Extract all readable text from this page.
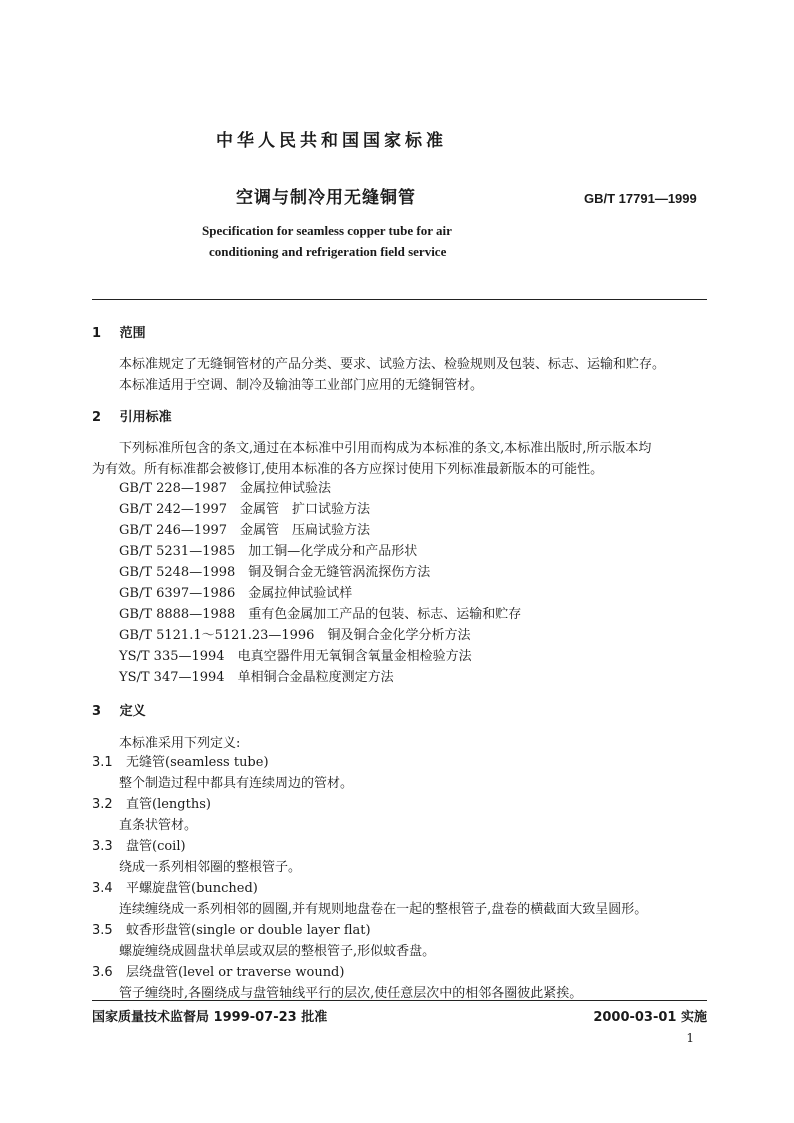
中华人民共和国国家标准
空调与制冷用无缝铜管	GB/T 17791—1999
Specification for seamless copper tube for air
conditioning and refrigeration field service
1 范围
本标准规定了无缝铜管材的产品分类、要求、试验方法、检验规则及包装、标志、运输和贮存。
本标准适用于空调、制冷及输油等工业部门应用的无缝铜管材。
2 引用标准
下列标准所包含的条文,通过在本标准中引用而构成为本标准的条文,本标准出版时,所示版本均
为有效。所有标准都会被修订,使用本标准的各方应探讨使用下列标准最新版本的可能性。
GB/T 228—1987　金属拉伸试验法
GB/T 242—1997　金属管　扩口试验方法
GB/T 246—1997　金属管　压扁试验方法
GB/T 5231—1985　加工铜—化学成分和产品形状
GB/T 5248—1998　铜及铜合金无缝管涡流探伤方法
GB/T 6397—1986　金属拉伸试验试样
GB/T 8888—1988　重有色金属加工产品的包装、标志、运输和贮存
GB/T 5121.1～5121.23—1996　铜及铜合金化学分析方法
YS/T 335—1994　电真空器件用无氧铜含氧量金相检验方法
YS/T 347—1994　单相铜合金晶粒度测定方法
3 定义
本标准采用下列定义:
3.1 无缝管(seamless tube)
整个制造过程中都具有连续周边的管材。
3.2 直管(lengths)
直条状管材。
3.3 盘管(coil)
绕成一系列相邻圈的整根管子。
3.4 平螺旋盘管(bunched)
连续缠绕成一系列相邻的圆圈,并有规则地盘卷在一起的整根管子,盘卷的横截面大致呈圆形。
3.5 蚊香形盘管(single or double layer flat)
螺旋缠绕成圆盘状单层或双层的整根管子,形似蚊香盘。
3.6 层绕盘管(level or traverse wound)
管子缠绕时,各圈绕成与盘管轴线平行的层次,使任意层次中的相邻各圈彼此紧挨。
国家质量技术监督局 1999-07-23 批准	2000-03-01 实施
1
